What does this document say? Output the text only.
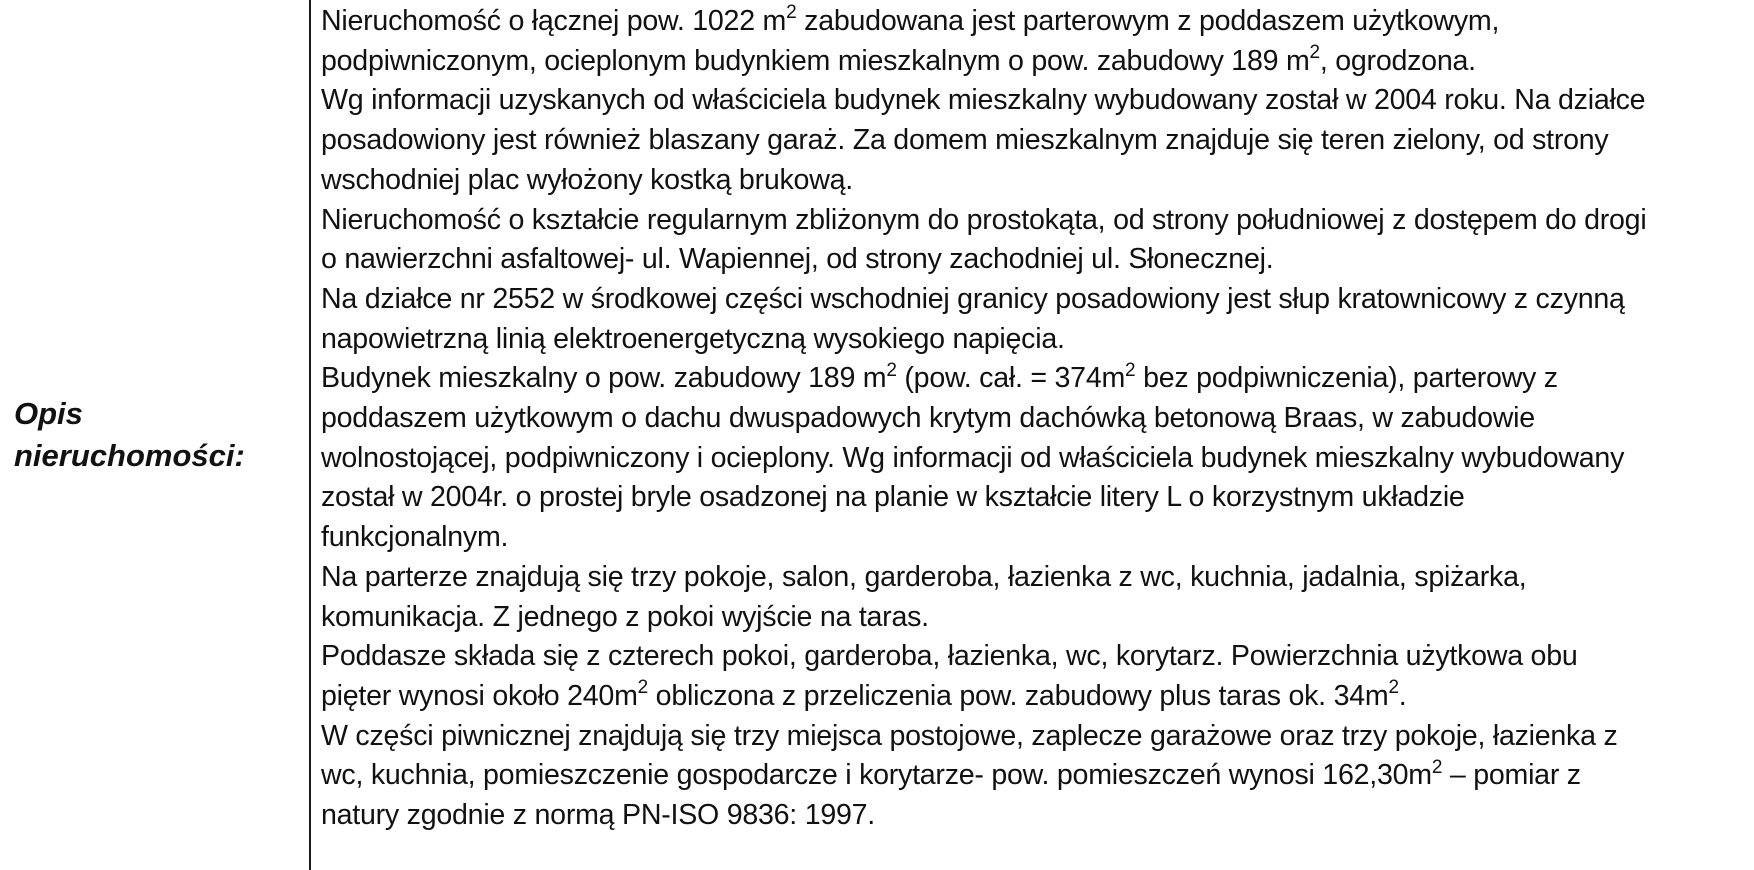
Opis nieruchomości:

Nieruchomość o łącznej pow. 1022 $m^2$ zabudowana jest parterowym z poddaszem użytkowym,
podpiwniczonym, ocieplonym budynkiem mieszkalnym o pow. zabudowy 189 $m^2$, ogrodzona.
Wg informacji uzyskanych od właściciela budynek mieszkalny wybudowany został w 2004 roku. Na działce
posadowiony jest również blaszany garaż. Za domem mieszkalnym znajduje się teren zielony, od strony
wschodniej plac wyłożony kostką brukową.
Nieruchomość o kształcie regularnym zbliżonym do prostokąta, od strony południowej z dostępem do drogi
o nawierzchni asfaltowej- ul. Wapiennej, od strony zachodniej ul. Słonecznej.
Na działce nr 2552 w środkowej części wschodniej granicy posadowiony jest słup kratownicowy z czynną
napowietrzną linią elektroenergetyczną wysokiego napięcia.
Budynek mieszkalny o pow. zabudowy 189 $m^2$ (pow. cał. = $374m^2$ bez podpiwniczenia), parterowy z
poddaszem użytkowym o dachu dwuspadowych krytym dachówką betonową Braas, w zabudowie
wolnostojącej, podpiwniczony i ocieplony. Wg informacji od właściciela budynek mieszkalny wybudowany
został w 2004r. o prostej bryle osadzonej na planie w kształcie litery L o korzystnym układzie
funkcjonalnym.
Na parterze znajdują się trzy pokoje, salon, garderoba, łazienka z wc, kuchnia, jadalnia, spiżarka,
komunikacja. Z jednego z pokoi wyjście na taras.
Poddasze składa się z czterech pokoi, garderoba, łazienka, wc, korytarz. Powierzchnia użytkowa obu
pięter wynosi około $240m^2$ obliczona z przeliczenia pow. zabudowy plus taras ok. $34m^2$.
W części piwnicznej znajdują się trzy miejsca postojowe, zaplecze garażowe oraz trzy pokoje, łazienka z
wc, kuchnia, pomieszczenie gospodarcze i korytarze- pow. pomieszczeń wynosi $162,30m^2$ – pomiar z
natury zgodnie z normą PN-ISO 9836: 1997.
